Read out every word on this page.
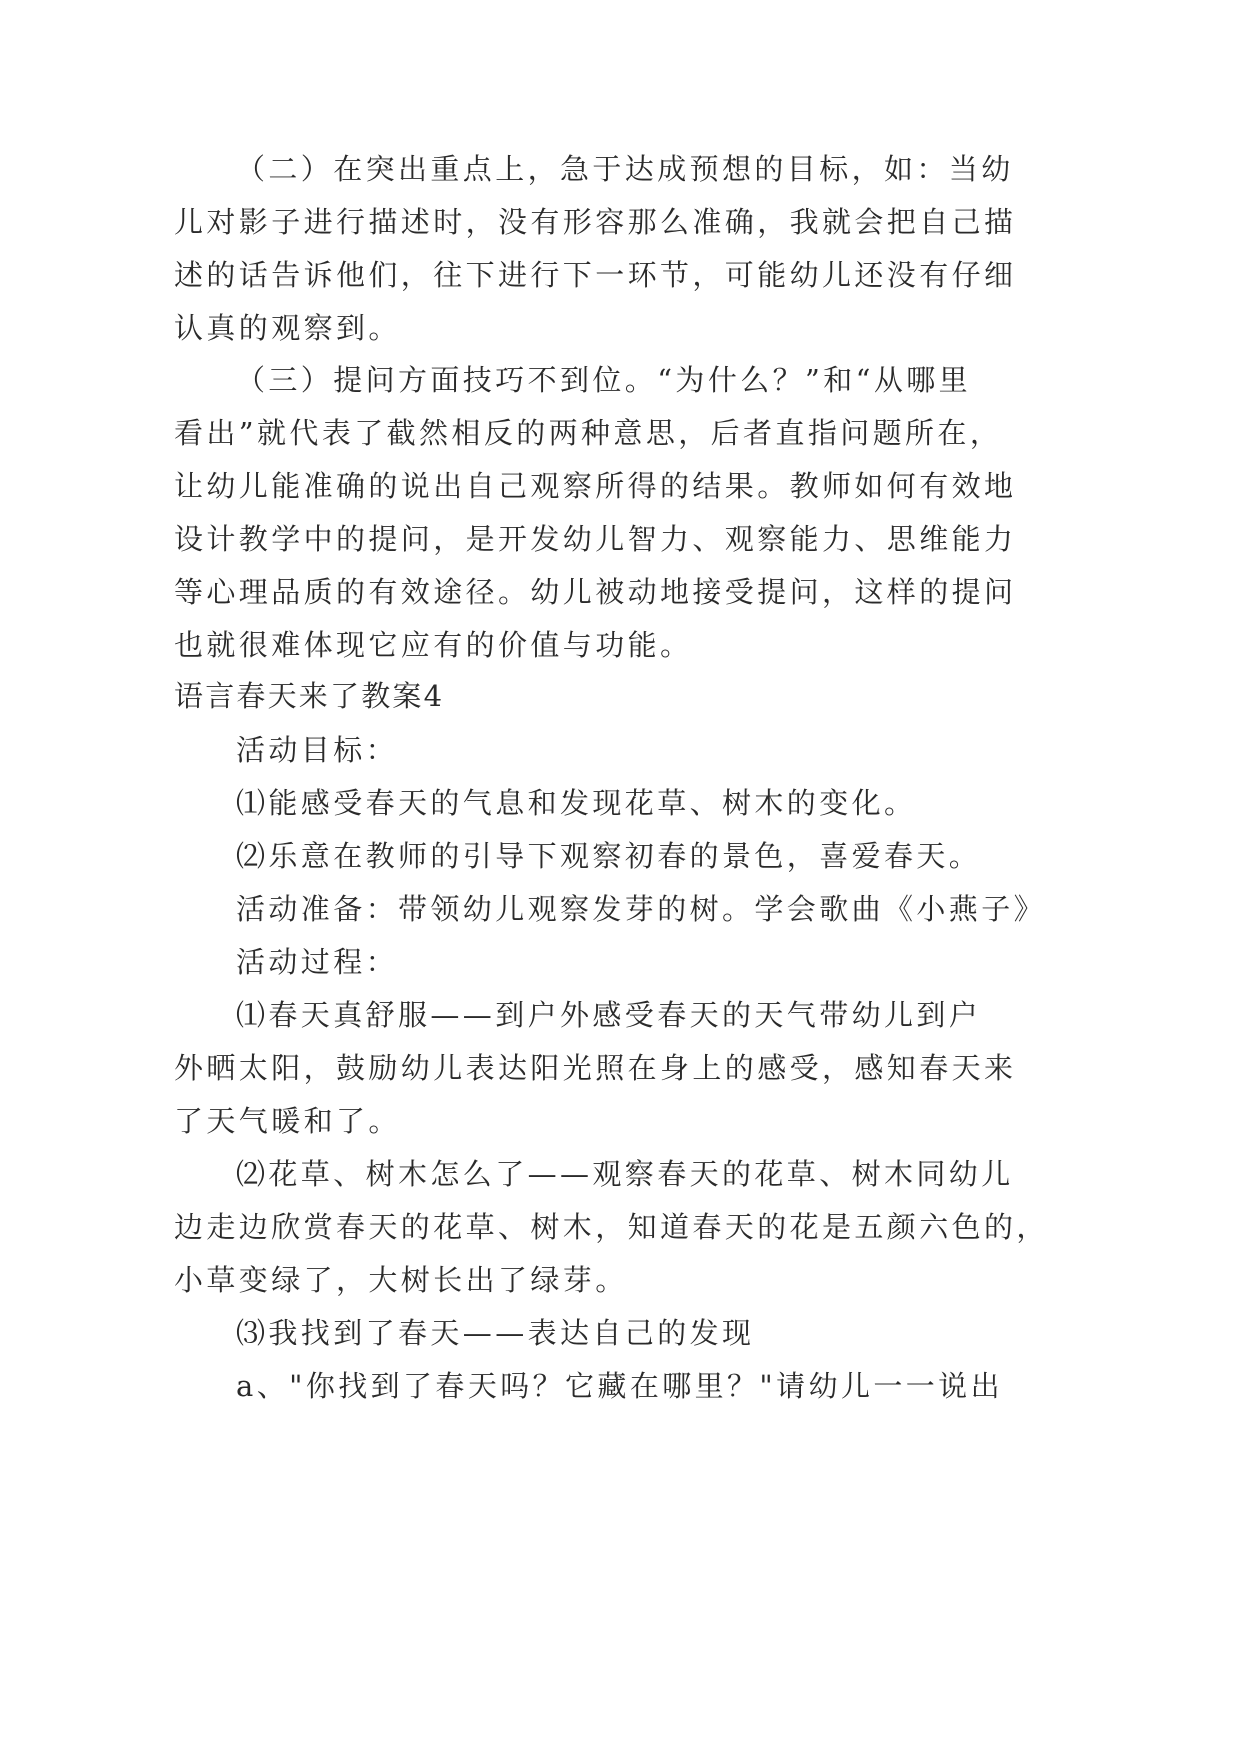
（二）在突出重点上，急于达成预想的目标，如：当幼
儿对影子进行描述时，没有形容那么准确，我就会把自己描
述的话告诉他们，往下进行下一环节，可能幼儿还没有仔细
认真的观察到。
（三）提问方面技巧不到位。“为什么？”和“从哪里
看出”就代表了截然相反的两种意思，后者直指问题所在，
让幼儿能准确的说出自己观察所得的结果。教师如何有效地
设计教学中的提问，是开发幼儿智力、观察能力、思维能力
等心理品质的有效途径。幼儿被动地接受提问，这样的提问
也就很难体现它应有的价值与功能。
语言春天来了教案4
活动目标：
⑴能感受春天的气息和发现花草、树木的变化。
⑵乐意在教师的引导下观察初春的景色，喜爱春天。
活动准备：带领幼儿观察发芽的树。学会歌曲《小燕子》
活动过程：
⑴春天真舒服——到户外感受春天的天气带幼儿到户
外晒太阳，鼓励幼儿表达阳光照在身上的感受，感知春天来
了天气暖和了。
⑵花草、树木怎么了——观察春天的花草、树木同幼儿
边走边欣赏春天的花草、树木，知道春天的花是五颜六色的，
小草变绿了，大树长出了绿芽。
⑶我找到了春天——表达自己的发现
a、"你找到了春天吗？它藏在哪里？"请幼儿一一说出
